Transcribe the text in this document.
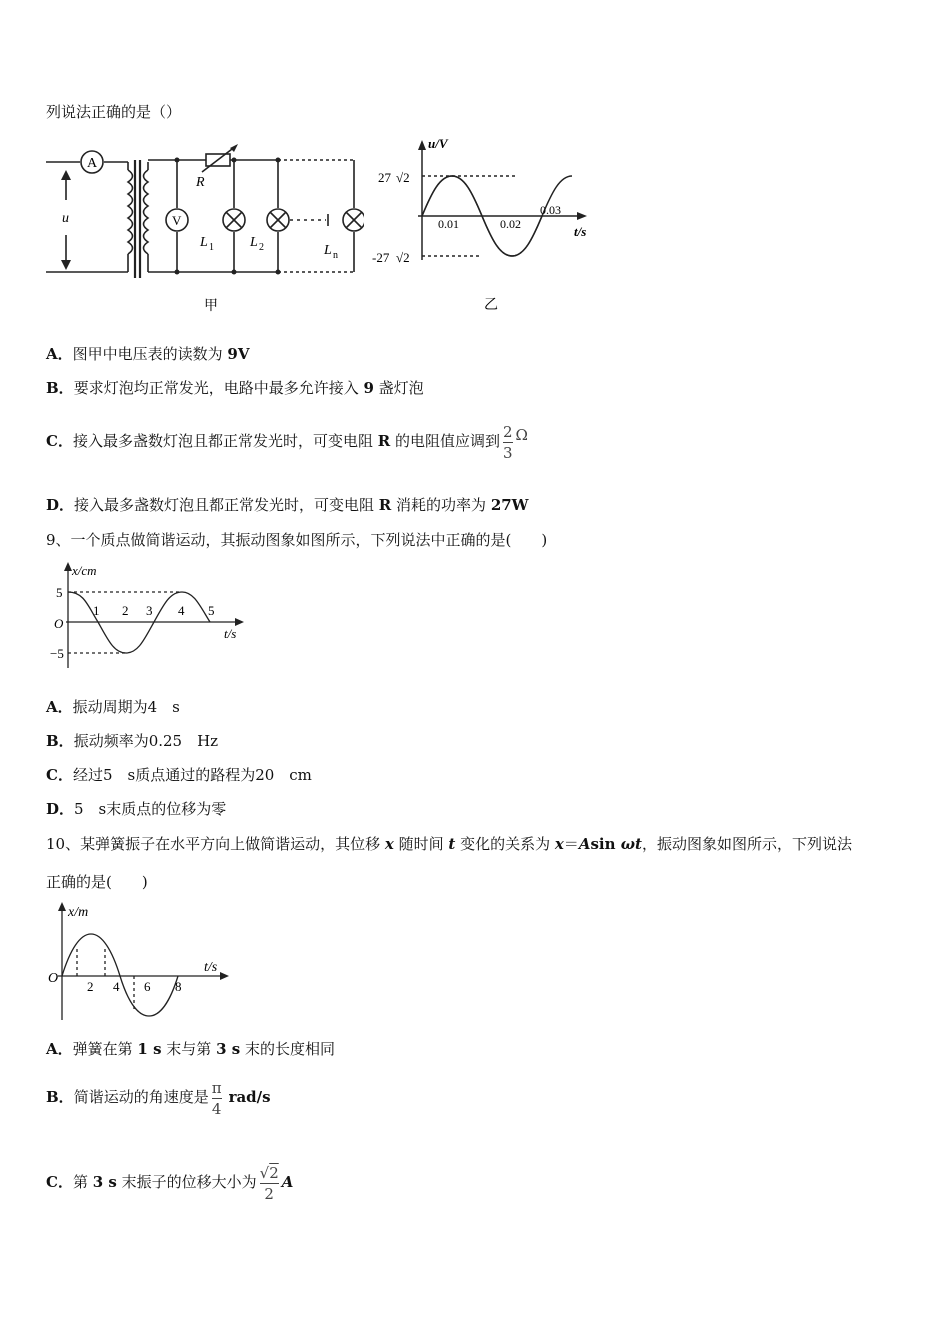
列说法正确的是（）
A
V
R
u
L 1	L 2	L n
甲
u/V
t/s
27 √2
-27 √2
0.01	0.02
0.03
乙
A．图甲中电压表的读数为 9V
B．要求灯泡均正常发光，电路中最多允许接入 9 盏灯泡
C．接入最多盏数灯泡且都正常发光时，可变电阻 R 的电阻值应调到 $\frac{2}{3}$ Ω
D．接入最多盏数灯泡且都正常发光时，可变电阻 R 消耗的功率为 27W
9、一个质点做简谐运动，其振动图象如图所示，下列说法中正确的是(　　)
x/cm
t/s
O
5
−5
1 2 3 4 5
A．振动周期为4　s
B．振动频率为0.25　Hz
C．经过5　s质点通过的路程为20　cm
D．5　s末质点的位移为零
10、某弹簧振子在水平方向上做简谐运动，其位移 x 随时间 t 变化的关系为 x＝Asin ωt，振动图象如图所示，下列说法
正确的是(　　)
x/m
t/s
O
2 4 6 8
A．弹簧在第 1 s 末与第 3 s 末的长度相同
B．简谐运动的角速度是 $\frac{\pi}{4} rad/s$
C．第 3 s 末振子的位移大小为 $\frac{√2}{2}$ A
